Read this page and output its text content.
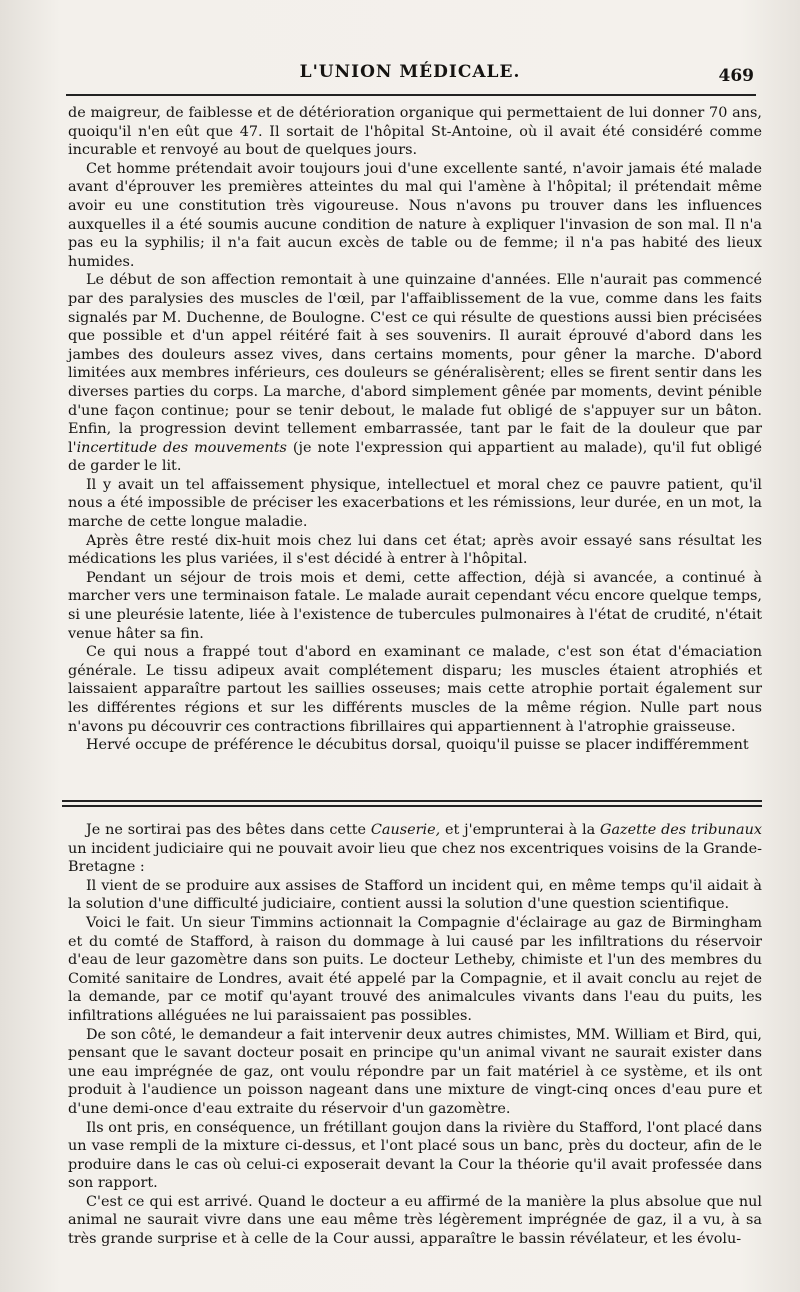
L'UNION MÉDICALE.	469

de maigreur, de faiblesse et de détérioration organique qui permettaient de lui donner 70 ans, quoiqu'il n'en eût que 47. Il sortait de l'hôpital St-Antoine, où il avait été considéré comme incurable et renvoyé au bout de quelques jours.

Cet homme prétendait avoir toujours joui d'une excellente santé, n'avoir jamais été malade avant d'éprouver les premières atteintes du mal qui l'amène à l'hôpital; il prétendait même avoir eu une constitution très vigoureuse. Nous n'avons pu trouver dans les influences auxquelles il a été soumis aucune condition de nature à expliquer l'invasion de son mal. Il n'a pas eu la syphilis; il n'a fait aucun excès de table ou de femme; il n'a pas habité des lieux humides.

Le début de son affection remontait à une quinzaine d'années. Elle n'aurait pas commencé par des paralysies des muscles de l'œil, par l'affaiblissement de la vue, comme dans les faits signalés par M. Duchenne, de Boulogne. C'est ce qui résulte de questions aussi bien précisées que possible et d'un appel réitéré fait à ses souvenirs. Il aurait éprouvé d'abord dans les jambes des douleurs assez vives, dans certains moments, pour gêner la marche. D'abord limitées aux membres inférieurs, ces douleurs se généralisèrent; elles se firent sentir dans les diverses parties du corps. La marche, d'abord simplement gênée par moments, devint pénible d'une façon continue; pour se tenir debout, le malade fut obligé de s'appuyer sur un bâton. Enfin, la progression devint tellement embarrassée, tant par le fait de la douleur que par l'incertitude des mouvements (je note l'expression qui appartient au malade), qu'il fut obligé de garder le lit.

Il y avait un tel affaissement physique, intellectuel et moral chez ce pauvre patient, qu'il nous a été impossible de préciser les exacerbations et les rémissions, leur durée, en un mot, la marche de cette longue maladie.

Après être resté dix-huit mois chez lui dans cet état; après avoir essayé sans résultat les médications les plus variées, il s'est décidé à entrer à l'hôpital.

Pendant un séjour de trois mois et demi, cette affection, déjà si avancée, a continué à marcher vers une terminaison fatale. Le malade aurait cependant vécu encore quelque temps, si une pleurésie latente, liée à l'existence de tubercules pulmonaires à l'état de crudité, n'était venue hâter sa fin.

Ce qui nous a frappé tout d'abord en examinant ce malade, c'est son état d'émaciation générale. Le tissu adipeux avait complétement disparu; les muscles étaient atrophiés et laissaient apparaître partout les saillies osseuses; mais cette atrophie portait également sur les différentes régions et sur les différents muscles de la même région. Nulle part nous n'avons pu découvrir ces contractions fibrillaires qui appartiennent à l'atrophie graisseuse.

Hervé occupe de préférence le décubitus dorsal, quoiqu'il puisse se placer indifféremment

Je ne sortirai pas des bêtes dans cette Causerie, et j'emprunterai à la Gazette des tribunaux un incident judiciaire qui ne pouvait avoir lieu que chez nos excentriques voisins de la Grande-Bretagne :

Il vient de se produire aux assises de Stafford un incident qui, en même temps qu'il aidait à la solution d'une difficulté judiciaire, contient aussi la solution d'une question scientifique.

Voici le fait. Un sieur Timmins actionnait la Compagnie d'éclairage au gaz de Birmingham et du comté de Stafford, à raison du dommage à lui causé par les infiltrations du réservoir d'eau de leur gazomètre dans son puits. Le docteur Letheby, chimiste et l'un des membres du Comité sanitaire de Londres, avait été appelé par la Compagnie, et il avait conclu au rejet de la demande, par ce motif qu'ayant trouvé des animalcules vivants dans l'eau du puits, les infiltrations alléguées ne lui paraissaient pas possibles.

De son côté, le demandeur a fait intervenir deux autres chimistes, MM. William et Bird, qui, pensant que le savant docteur posait en principe qu'un animal vivant ne saurait exister dans une eau imprégnée de gaz, ont voulu répondre par un fait matériel à ce système, et ils ont produit à l'audience un poisson nageant dans une mixture de vingt-cinq onces d'eau pure et d'une demi-once d'eau extraite du réservoir d'un gazomètre.

Ils ont pris, en conséquence, un frétillant goujon dans la rivière du Stafford, l'ont placé dans un vase rempli de la mixture ci-dessus, et l'ont placé sous un banc, près du docteur, afin de le produire dans le cas où celui-ci exposerait devant la Cour la théorie qu'il avait professée dans son rapport.

C'est ce qui est arrivé. Quand le docteur a eu affirmé de la manière la plus absolue que nul animal ne saurait vivre dans une eau même très légèrement imprégnée de gaz, il a vu, à sa très grande surprise et à celle de la Cour aussi, apparaître le bassin révélateur, et les évolu-
